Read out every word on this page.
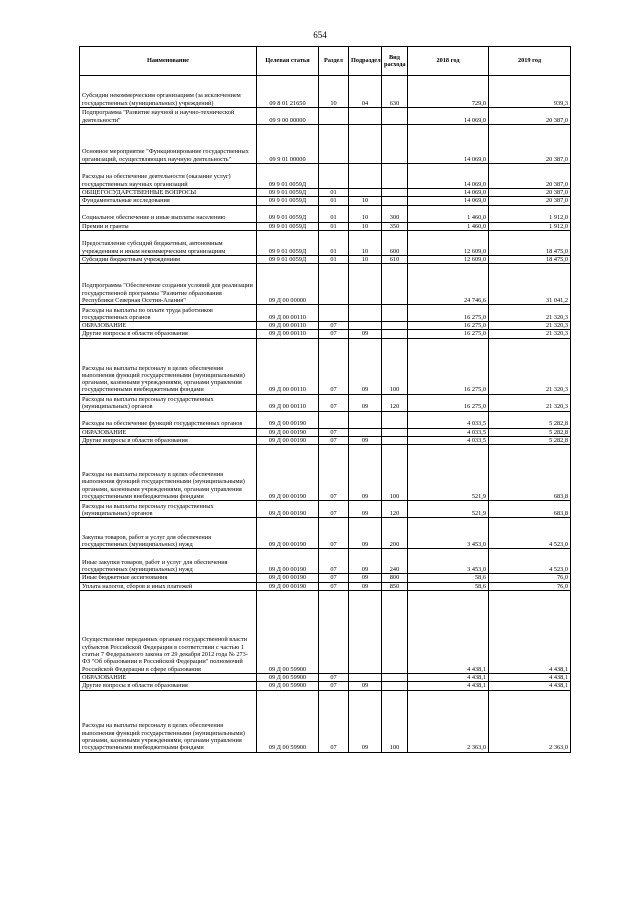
654
Наименование	Целевая статья	Раздел	Подраздел	Вид расхода	2018 год	2019 год
Субсидии некоммерческим организациям (за исключением государственных (муниципальных) учреждений)	09 8 01 21650	10	04	630	729,0	939,3
Подпрограмма "Развитие научной и научно-технической деятельности"	09 9 00 00000				14 069,0	20 387,0
Основное мероприятие "Функционирование государственных организаций, осуществляющих научную деятельность"	09 9 01 00000				14 069,0	20 387,0
Расходы на обеспечение деятельности (оказание услуг) государственных научных организаций	09 9 01 0059Д				14 069,0	20 387,0
ОБЩЕГОСУДАРСТВЕННЫЕ ВОПРОСЫ	09 9 01 0059Д	01			14 069,0	20 387,0
Фундаментальные исследования	09 9 01 0059Д	01	10		14 069,0	20 387,0
Социальное обеспечение и иные выплаты населению	09 9 01 0059Д	01	10	300	1 460,0	1 912,0
Премии и гранты	09 9 01 0059Д	01	10	350	1 460,0	1 912,0
Предоставление субсидий бюджетным, автономным учреждениям и иным некоммерческим организациям	09 9 01 0059Д	01	10	600	12 609,0	18 475,0
Субсидии бюджетным учреждениям	09 9 01 0059Д	01	10	610	12 609,0	18 475,0
Подпрограмма "Обеспечение создания условий для реализации государственной программы "Развитие образования Республики Северная Осетия-Алания"	09 Д 00 00000				24 746,6	31 041,2
Расходы на выплаты по оплате труда работников государственных органов	09 Д 00 00110				16 275,0	21 320,3
ОБРАЗОВАНИЕ	09 Д 00 00110	07			16 275,0	21 320,3
Другие вопросы в области образования	09 Д 00 00110	07	09		16 275,0	21 320,3
Расходы на выплаты персоналу в целях обеспечения выполнения функций государственными (муниципальными) органами, казенными учреждениями, органами управления государственными внебюджетными фондами	09 Д 00 00110	07	09	100	16 275,0	21 320,3
Расходы на выплаты персоналу государственных (муниципальных) органов	09 Д 00 00110	07	09	120	16 275,0	21 320,3
Расходы на обеспечение функций государственных органов	09 Д 00 00190				4 033,5	5 282,8
ОБРАЗОВАНИЕ	09 Д 00 00190	07			4 033,5	5 282,8
Другие вопросы в области образования	09 Д 00 00190	07	09		4 033,5	5 282,8
Расходы на выплаты персоналу в целях обеспечения выполнения функций государственными (муниципальными) органами, казенными учреждениями, органами управления государственными внебюджетными фондами	09 Д 00 00190	07	09	100	521,9	683,8
Расходы на выплаты персоналу государственных (муниципальных) органов	09 Д 00 00190	07	09	120	521,9	683,8
Закупка товаров, работ и услуг для обеспечения государственных (муниципальных) нужд	09 Д 00 00190	07	09	200	3 453,0	4 523,0
Иные закупки товаров, работ и услуг для обеспечения государственных (муниципальных) нужд	09 Д 00 00190	07	09	240	3 453,0	4 523,0
Иные бюджетные ассигнования	09 Д 00 00190	07	09	800	58,6	76,0
Уплата налогов, сборов и иных платежей	09 Д 00 00190	07	09	850	58,6	76,0
Осуществление переданных органам государственной власти субъектов Российской Федерации в соответствии с частью 1 статьи 7 Федерального закона от 29 декабря 2012 года № 273-ФЗ "Об образовании в Российской Федерации" полномочий Российской Федерации в сфере образования	09 Д 00 59900				4 438,1	4 438,1
ОБРАЗОВАНИЕ	09 Д 00 59900	07			4 438,1	4 438,1
Другие вопросы в области образования	09 Д 00 59900	07	09		4 438,1	4 438,1
Расходы на выплаты персоналу в целях обеспечения выполнения функций государственными (муниципальными) органами, казенными учреждениями, органами управления государственными внебюджетными фондами	09 Д 00 59900	07	09	100	2 363,0	2 363,0
